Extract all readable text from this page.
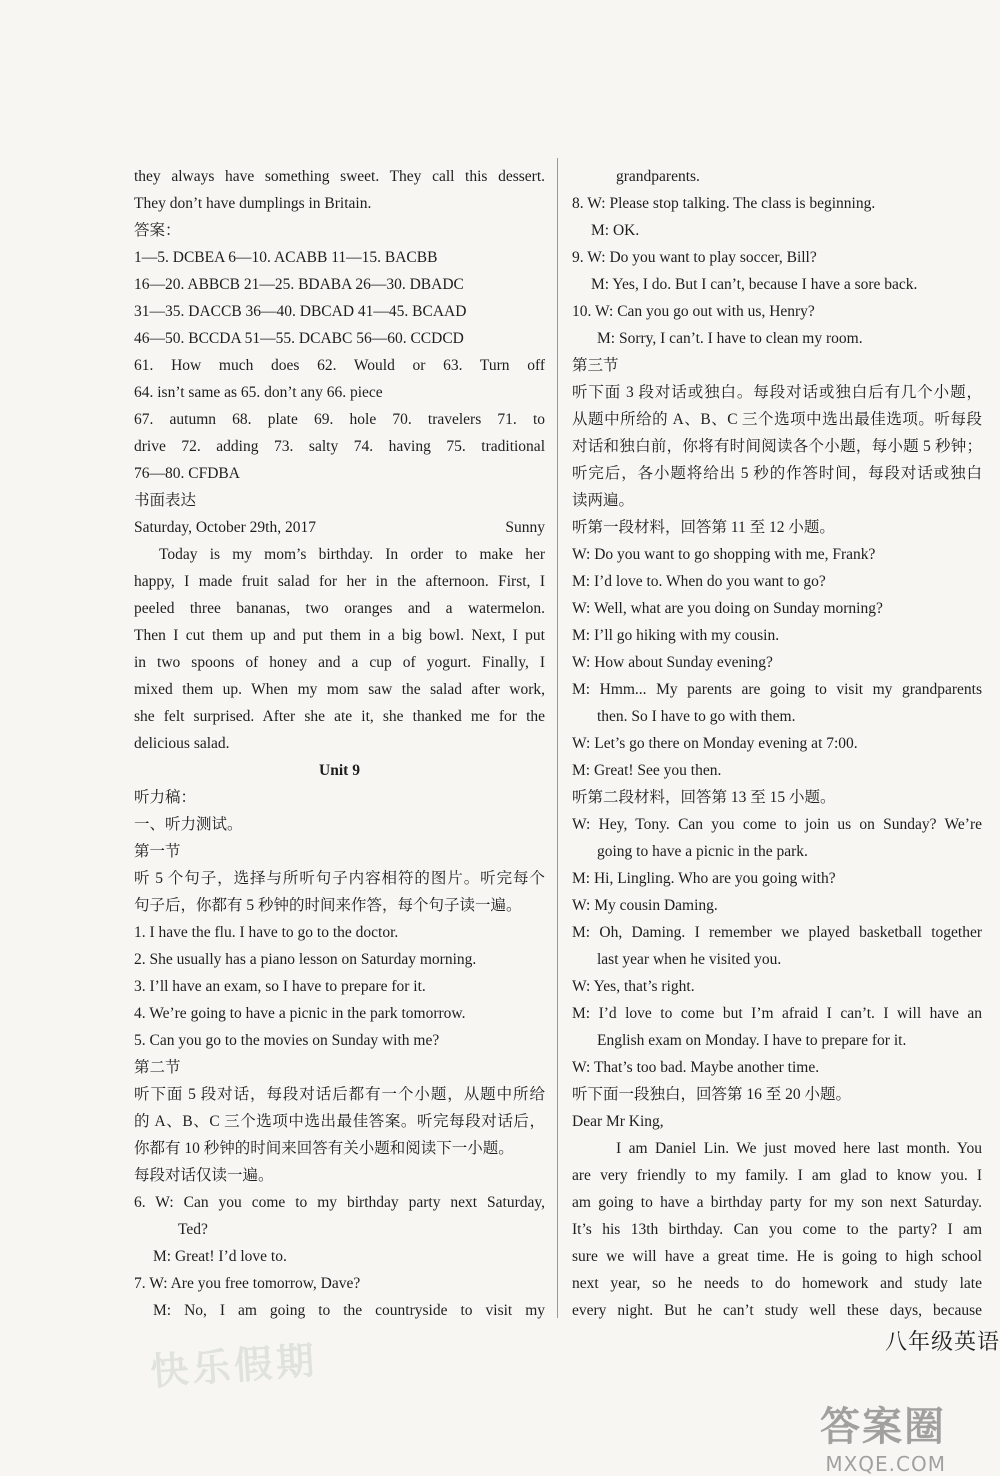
they always have something sweet. They call this dessert.
They don’t have dumplings in Britain.
答案：
1—5. DCBEA 6—10. ACABB 11—15. BACBB
16—20. ABBCB 21—25. BDABA 26—30. DBADC
31—35. DACCB 36—40. DBCAD 41—45. BCAAD
46—50. BCCDA 51—55. DCABC 56—60. CCDCD
61. How much does 62. Would or 63. Turn off
64. isn’t same as 65. don’t any 66. piece
67. autumn 68. plate 69. hole 70. travelers 71. to
drive 72. adding 73. salty 74. having 75. traditional
76—80. CFDBA
书面表达
Saturday, October 29th, 2017	Sunny
Today is my mom’s birthday. In order to make her
happy, I made fruit salad for her in the afternoon. First, I
peeled three bananas, two oranges and a watermelon.
Then I cut them up and put them in a big bowl. Next, I put
in two spoons of honey and a cup of yogurt. Finally, I
mixed them up. When my mom saw the salad after work,
she felt surprised. After she ate it, she thanked me for the
delicious salad.
Unit 9
听力稿：
一、听力测试。
第一节
听 5 个句子，选择与所听句子内容相符的图片。听完每个
句子后，你都有 5 秒钟的时间来作答，每个句子读一遍。
1. I have the flu. I have to go to the doctor.
2. She usually has a piano lesson on Saturday morning.
3. I’ll have an exam, so I have to prepare for it.
4. We’re going to have a picnic in the park tomorrow.
5. Can you go to the movies on Sunday with me?
第二节
听下面 5 段对话，每段对话后都有一个小题，从题中所给
的 A、B、C 三个选项中选出最佳答案。听完每段对话后，
你都有 10 秒钟的时间来回答有关小题和阅读下一小题。
每段对话仅读一遍。
6. W: Can you come to my birthday party next Saturday,
Ted?
M: Great! I’d love to.
7. W: Are you free tomorrow, Dave?
M: No, I am going to the countryside to visit my
grandparents.
8. W: Please stop talking. The class is beginning.
M: OK.
9. W: Do you want to play soccer, Bill?
M: Yes, I do. But I can’t, because I have a sore back.
10. W: Can you go out with us, Henry?
M: Sorry, I can’t. I have to clean my room.
第三节
听下面 3 段对话或独白。每段对话或独白后有几个小题，
从题中所给的 A、B、C 三个选项中选出最佳选项。听每段
对话和独白前，你将有时间阅读各个小题，每小题 5 秒钟；
听完后，各小题将给出 5 秒的作答时间，每段对话或独白
读两遍。
听第一段材料，回答第 11 至 12 小题。
W: Do you want to go shopping with me, Frank?
M: I’d love to. When do you want to go?
W: Well, what are you doing on Sunday morning?
M: I’ll go hiking with my cousin.
W: How about Sunday evening?
M: Hmm... My parents are going to visit my grandparents
then. So I have to go with them.
W: Let’s go there on Monday evening at 7:00.
M: Great! See you then.
听第二段材料，回答第 13 至 15 小题。
W: Hey, Tony. Can you come to join us on Sunday? We’re
going to have a picnic in the park.
M: Hi, Lingling. Who are you going with?
W: My cousin Daming.
M: Oh, Daming. I remember we played basketball together
last year when he visited you.
W: Yes, that’s right.
M: I’d love to come but I’m afraid I can’t. I will have an
English exam on Monday. I have to prepare for it.
W: That’s too bad. Maybe another time.
听下面一段独白，回答第 16 至 20 小题。
Dear Mr King,
I am Daniel Lin. We just moved here last month. You
are very friendly to my family. I am glad to know you. I
am going to have a birthday party for my son next Saturday.
It’s his 13th birthday. Can you come to the party? I am
sure we will have a great time. He is going to high school
next year, so he needs to do homework and study late
every night. But he can’t study well these days, because
八年级英语
快乐假期
答案圈
MXQE.COM
